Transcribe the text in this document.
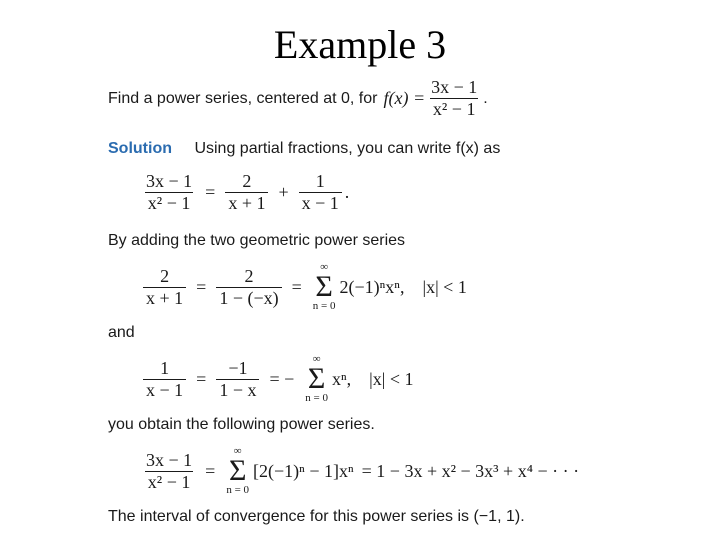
Example 3
Find a power series, centered at 0, for $f(x) = \frac{3x - 1}{\text{x² − 1}}$ .
Solution Using partial fractions, you can write f(x) as
$\frac{3x - 1}{\text{x² − 1}} = \frac{2}{x + 1} + \frac{1}{x - 1}$ .
By adding the two geometric power series
$\frac{2}{x + 1} = \frac{2}{1 - (-x)}$ =
∞
Σ
n = 0
2(−1)ⁿxⁿ, |x| < 1
and
$\frac{1}{x - 1} = \frac{-1}{1 - x}$ = −
∞
Σ
n = 0
xⁿ, |x| < 1
you obtain the following power series.
$\frac{3x - 1}{\text{x² − 1}}$ =
∞
Σ
n = 0
[2(−1)ⁿ − 1]xⁿ = 1 − 3x + x² − 3x³ + x⁴ − · · ·
The interval of convergence for this power series is (−1, 1).
